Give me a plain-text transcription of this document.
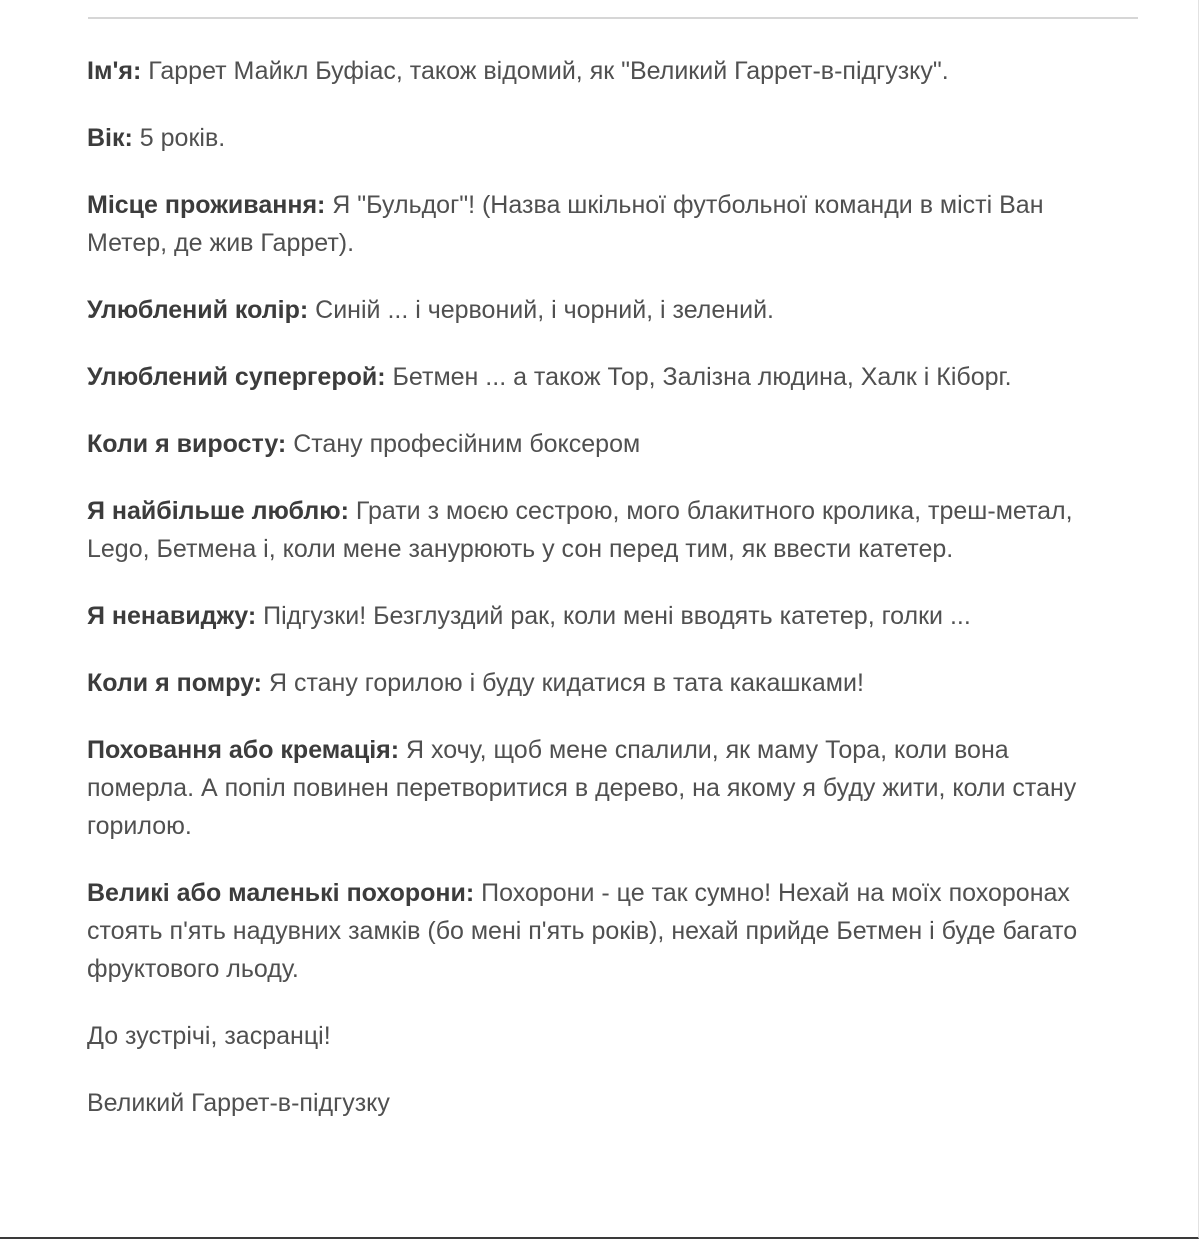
Ім'я: Гаррет Майкл Буфіас, також відомий, як "Великий Гаррет-в-підгузку".

Вік: 5 років.

Місце проживання: Я "Бульдог"! (Назва шкільної футбольної команди в місті Ван Метер, де жив Гаррет).

Улюблений колір: Синій ... і червоний, і чорний, і зелений.

Улюблений супергерой: Бетмен ... а також Тор, Залізна людина, Халк і Кіборг.

Коли я виросту: Стану професійним боксером

Я найбільше люблю: Грати з моєю сестрою, мого блакитного кролика, треш-метал, Lego, Бетмена і, коли мене занурюють у сон перед тим, як ввести катетер.

Я ненавиджу: Підгузки! Безглуздий рак, коли мені вводять катетер, голки ...

Коли я помру: Я стану горилою і буду кидатися в тата какашками!

Поховання або кремація: Я хочу, щоб мене спалили, як маму Тора, коли вона померла. А попіл повинен перетворитися в дерево, на якому я буду жити, коли стану горилою.

Великі або маленькі похорони: Похорони - це так сумно! Нехай на моїх похоронах стоять п'ять надувних замків (бо мені п'ять років), нехай прийде Бетмен і буде багато фруктового льоду.

До зустрічі, засранці!

Великий Гаррет-в-підгузку
